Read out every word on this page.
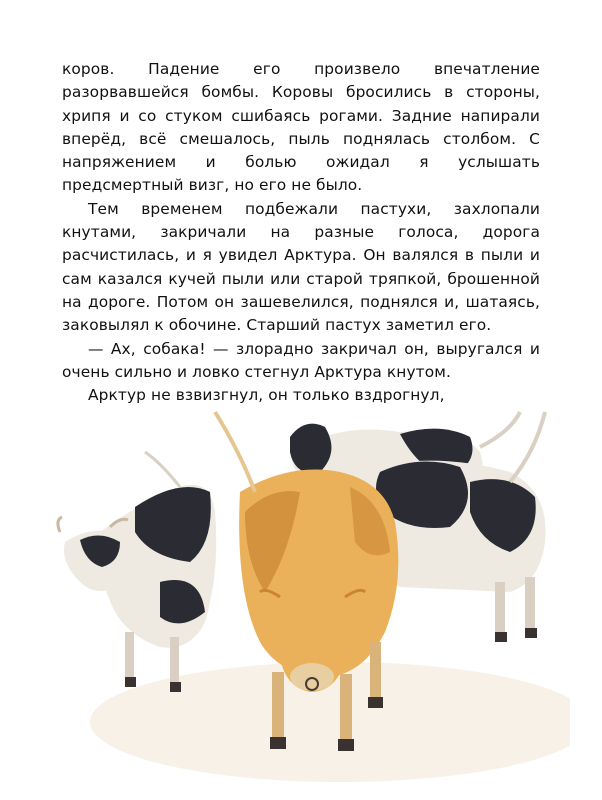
коров. Падение его произвело впечатление разорвавшейся бомбы. Коровы бросились в стороны, хрипя и со стуком сшибаясь рогами. Задние напирали вперёд, всё смешалось, пыль поднялась столбом. С напряжением и болью ожидал я услышать предсмертный визг, но его не было.

Тем временем подбежали пастухи, захлопали кнутами, закричали на разные голоса, дорога расчистилась, и я увидел Арктура. Он валялся в пыли и сам казался кучей пыли или старой тряпкой, брошенной на дороге. Потом он зашевелился, поднялся и, шатаясь, заковылял к обочине. Старший пастух заметил его.

— Ах, собака! — злорадно закричал он, выругался и очень сильно и ловко стегнул Арктура кнутом.

Арктур не взвизгнул, он только вздрогнул,
